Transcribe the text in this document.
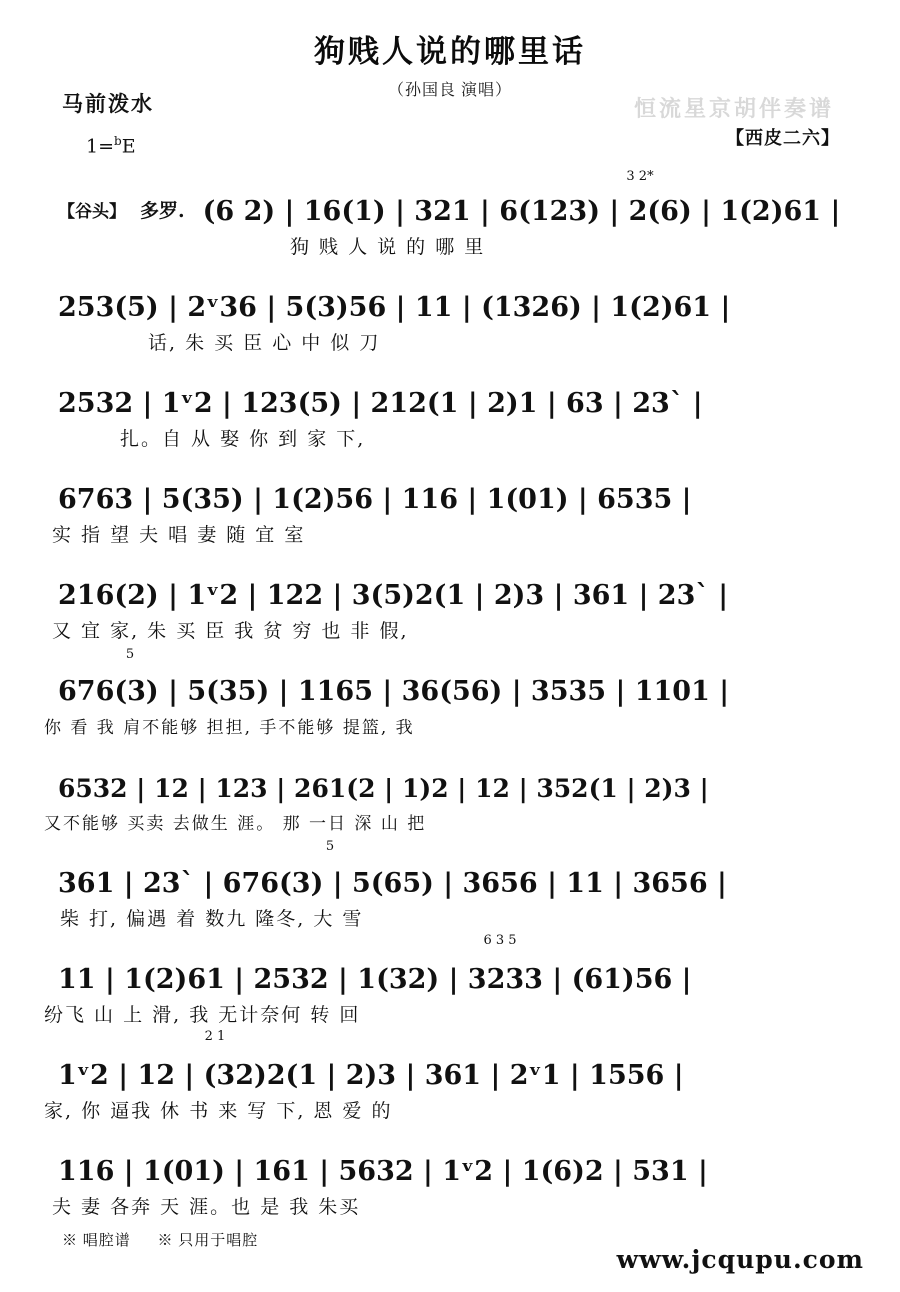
狗贱人说的哪里话
（孙国良 演唱）
马前泼水
1=$^b$E
恒流星京胡伴奏谱
【西皮二六】
【谷头】 多罗. (6 2) | 16(1) | 321 | 6(123) | 2(6) | 1(2)61 |
3 2*
狗 贱 人 说 的 哪 里
253(5) | 2ᵛ36 | 5(3)56 | 11 | (1326) | 1(2)61 |
话, 朱 买 臣 心 中 似 刀
2532 | 1ᵛ2 | 123(5) | 212(1 | 2)1 | 63 | 23` |
扎。自 从 娶 你 到 家 下,
6763 | 5(35) | 1(2)56 | 116 | 1(01) | 6535 |
实 指 望 夫 唱 妻 随 宜 室
216(2) | 1ᵛ2 | 122 | 3(5)2(1 | 2)3 | 361 | 23` |
又 宜 家, 朱 买 臣 我 贫 穷 也 非 假,
676(3) | 5(35) | 1165 | 36(56) | 3535 | 1101 |
5
你 看 我 肩不能够 担担, 手不能够 提篮, 我
6532 | 12 | 123 | 261(2 | 1)2 | 12 | 352(1 | 2)3 |
又不能够 买卖 去做生 涯。 那 一日 深 山 把
361 | 23` | 676(3) | 5(65) | 3656 | 11 | 3656 |
5
柴 打, 偏遇 着 数九 隆冬, 大 雪
11 | 1(2)61 | 2532 | 1(32) | 3233 | (61)56 |
6 3 5
纷飞 山 上 滑, 我 无计奈何 转 回
1ᵛ2 | 12 | (32)2(1 | 2)3 | 361 | 2ᵛ1 | 1556 |
2 1
家, 你 逼我 休 书 来 写 下, 恩 爱 的
116 | 1(01) | 161 | 5632 | 1ᵛ2 | 1(6)2 | 531 |
夫 妻 各奔 天 涯。也 是 我 朱买
※ 唱腔谱 ※ 只用于唱腔
www.jcqupu.com
